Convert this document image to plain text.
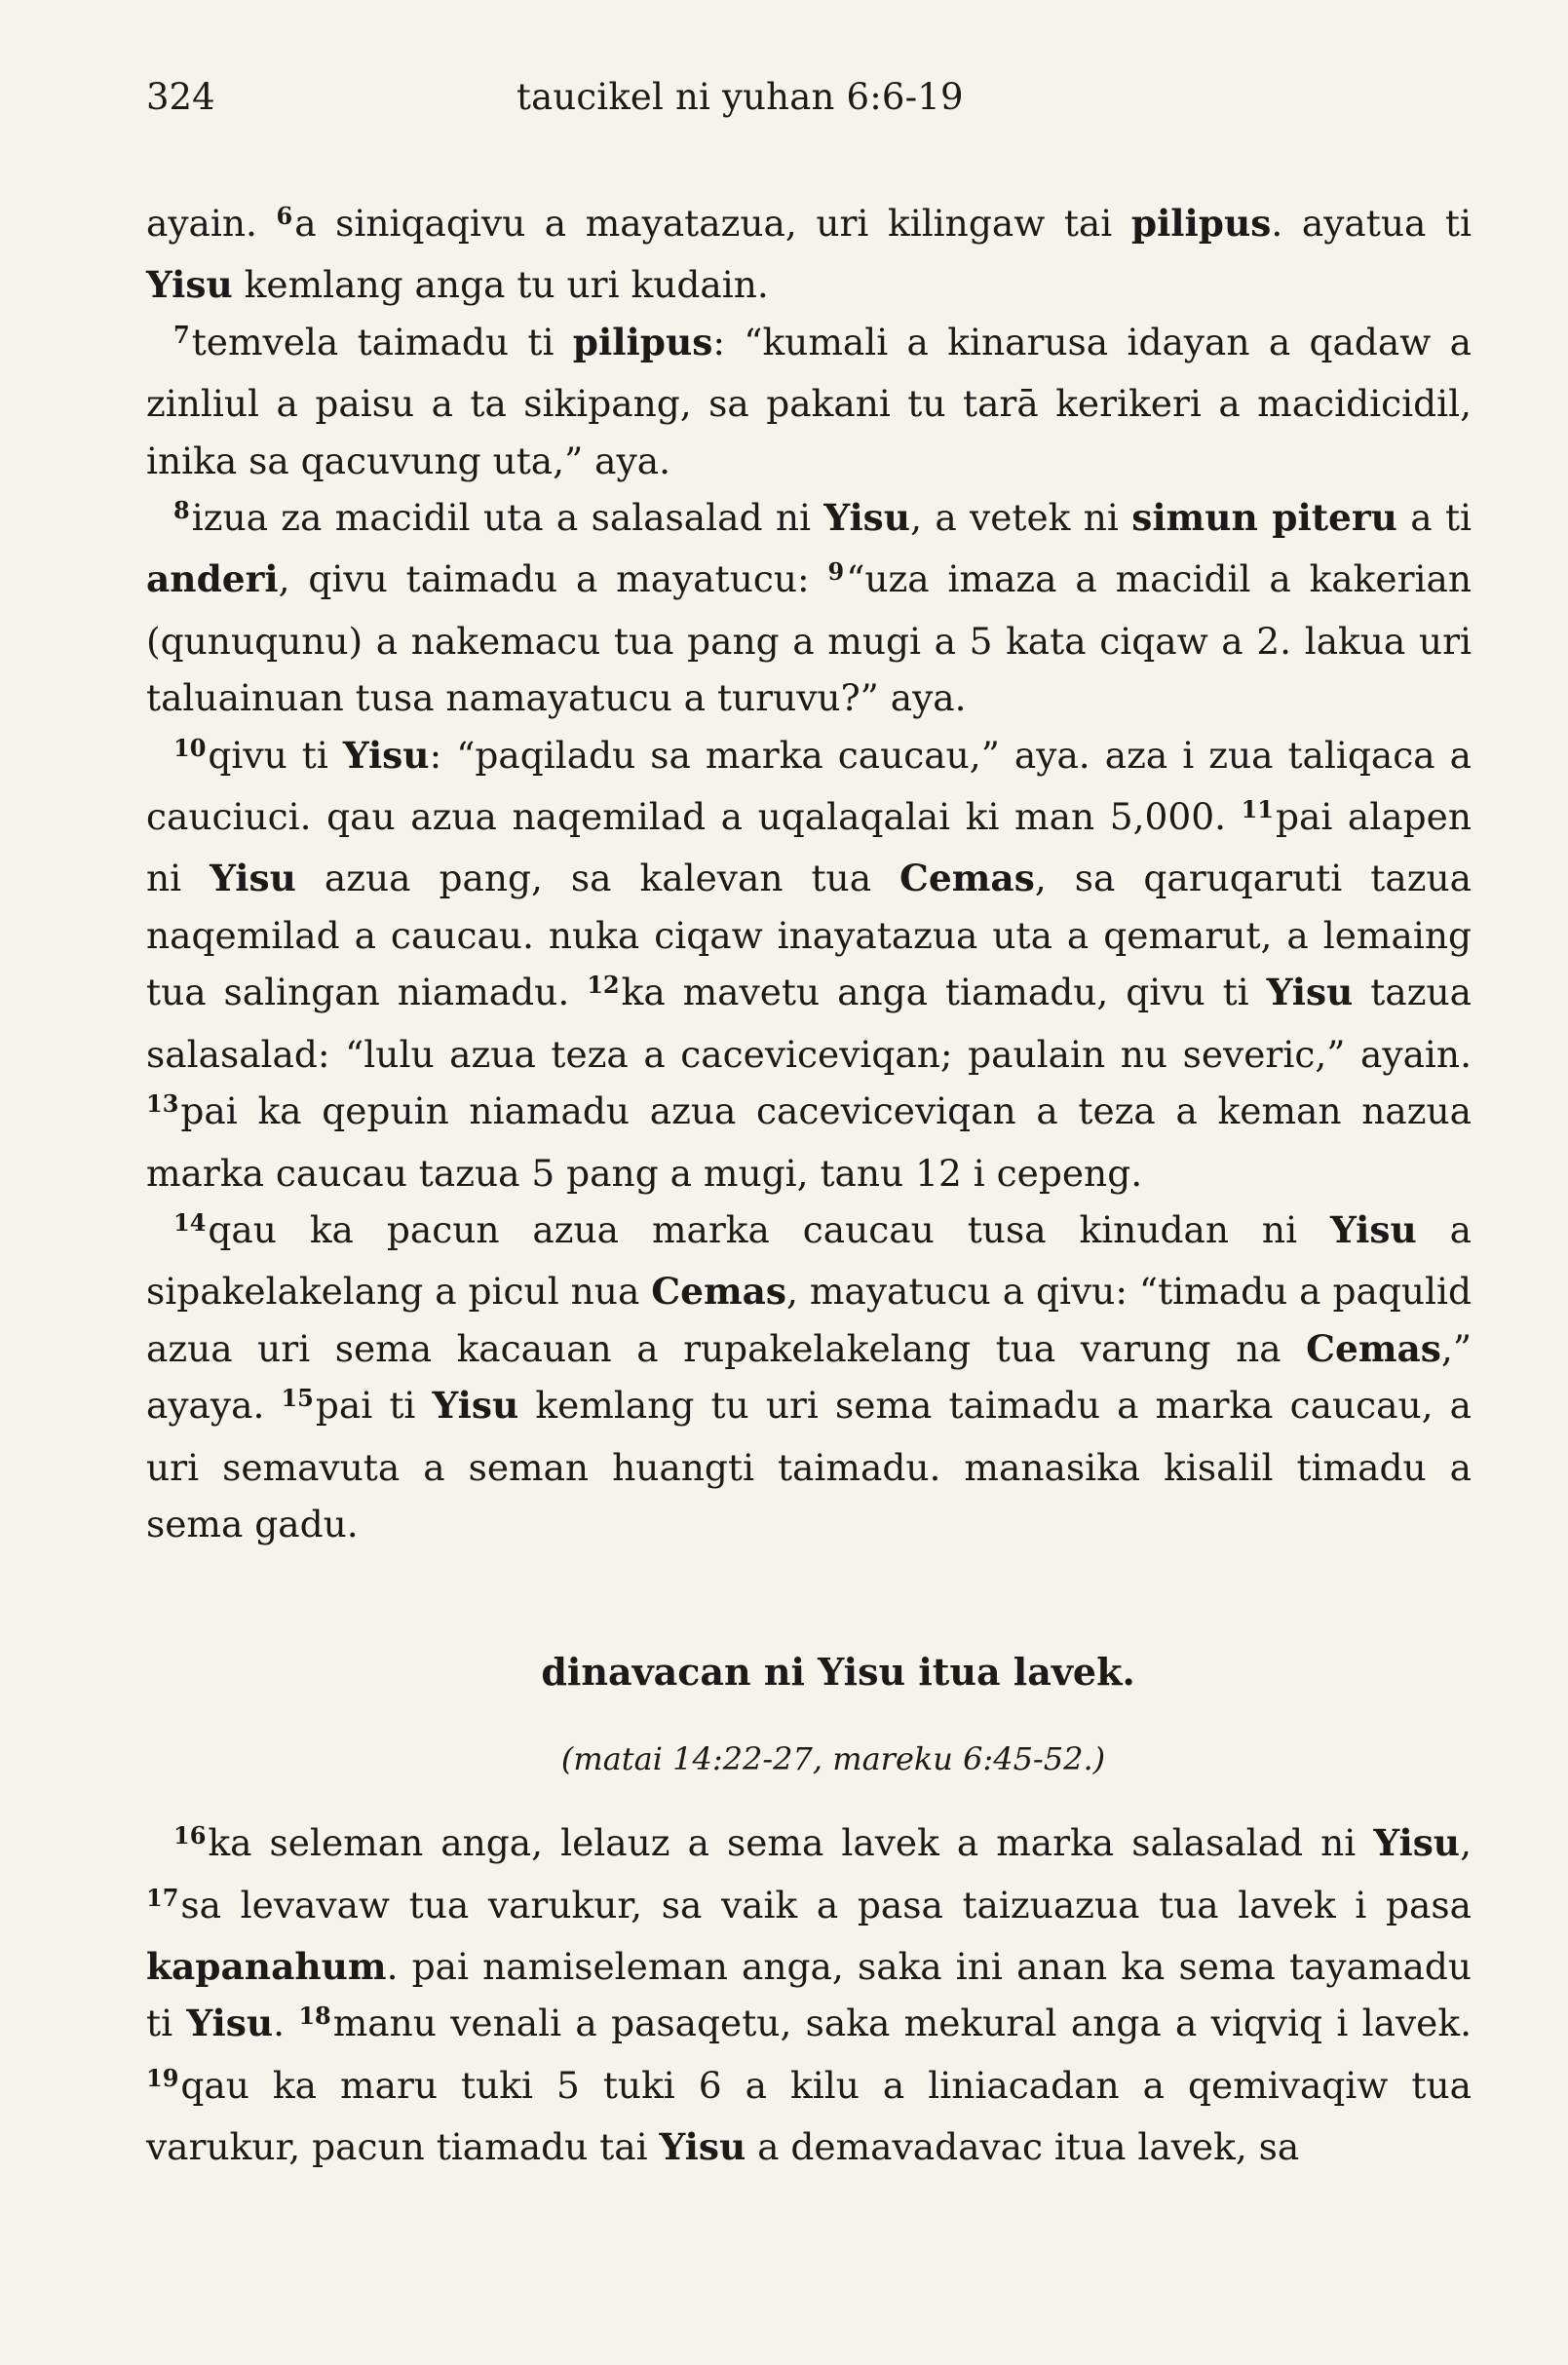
324	taucikel ni yuhan 6:6-19

ayain. $^6$a siniqaqivu a mayatazua, uri kilingaw tai pilipus. ayatua ti Yisu kemlang anga tu uri kudain.

$^7$temvela taimadu ti pilipus: “kumali a kinarusa idayan a qadaw a zinliul a paisu a ta sikipang, sa pakani tu tarā kerikeri a macidicidil, inika sa qacuvung uta,” aya.

$^8$izua za macidil uta a salasalad ni Yisu, a vetek ni simun piteru a ti anderi, qivu taimadu a mayatucu: $^9$“uza imaza a macidil a kakerian (qunuqunu) a nakemacu tua pang a mugi a 5 kata ciqaw a 2. lakua uri taluainuan tusa namayatucu a turuvu?” aya.

$^{10}$qivu ti Yisu: “paqiladu sa marka caucau,” aya. aza i zua taliqaca a cauciuci. qau azua naqemilad a uqalaqalai ki man 5,000. $^{11}$pai alapen ni Yisu azua pang, sa kalevan tua Cemas, sa qaruqaruti tazua naqemilad a caucau. nuka ciqaw inayatazua uta a qemarut, a lemaing tua salingan niamadu. $^{12}$ka mavetu anga tiamadu, qivu ti Yisu tazua salasalad: “lulu azua teza a caceviceviqan; paulain nu severic,” ayain. $^{13}$pai ka qepuin niamadu azua caceviceviqan a teza a keman nazua marka caucau tazua 5 pang a mugi, tanu 12 i cepeng.

$^{14}$qau ka pacun azua marka caucau tusa kinudan ni Yisu a sipakelakelang a picul nua Cemas, mayatucu a qivu: “timadu a paqulid azua uri sema kacauan a rupakelakelang tua varung na Cemas,” ayaya. $^{15}$pai ti Yisu kemlang tu uri sema taimadu a marka caucau, a uri semavuta a seman huangti taimadu. manasika kisalil timadu a sema gadu.

dinavacan ni Yisu itua lavek.
(matai 14:22-27, mareku 6:45-52.)

$^{16}$ka seleman anga, lelauz a sema lavek a marka salasalad ni Yisu, $^{17}$sa levavaw tua varukur, sa vaik a pasa taizuazua tua lavek i pasa kapanahum. pai namiseleman anga, saka ini anan ka sema tayamadu ti Yisu. $^{18}$manu venali a pasaqetu, saka mekural anga a viqviq i lavek. $^{19}$qau ka maru tuki 5 tuki 6 a kilu a liniacadan a qemivaqiw tua varukur, pacun tiamadu tai Yisu a demavadavac itua lavek, sa
